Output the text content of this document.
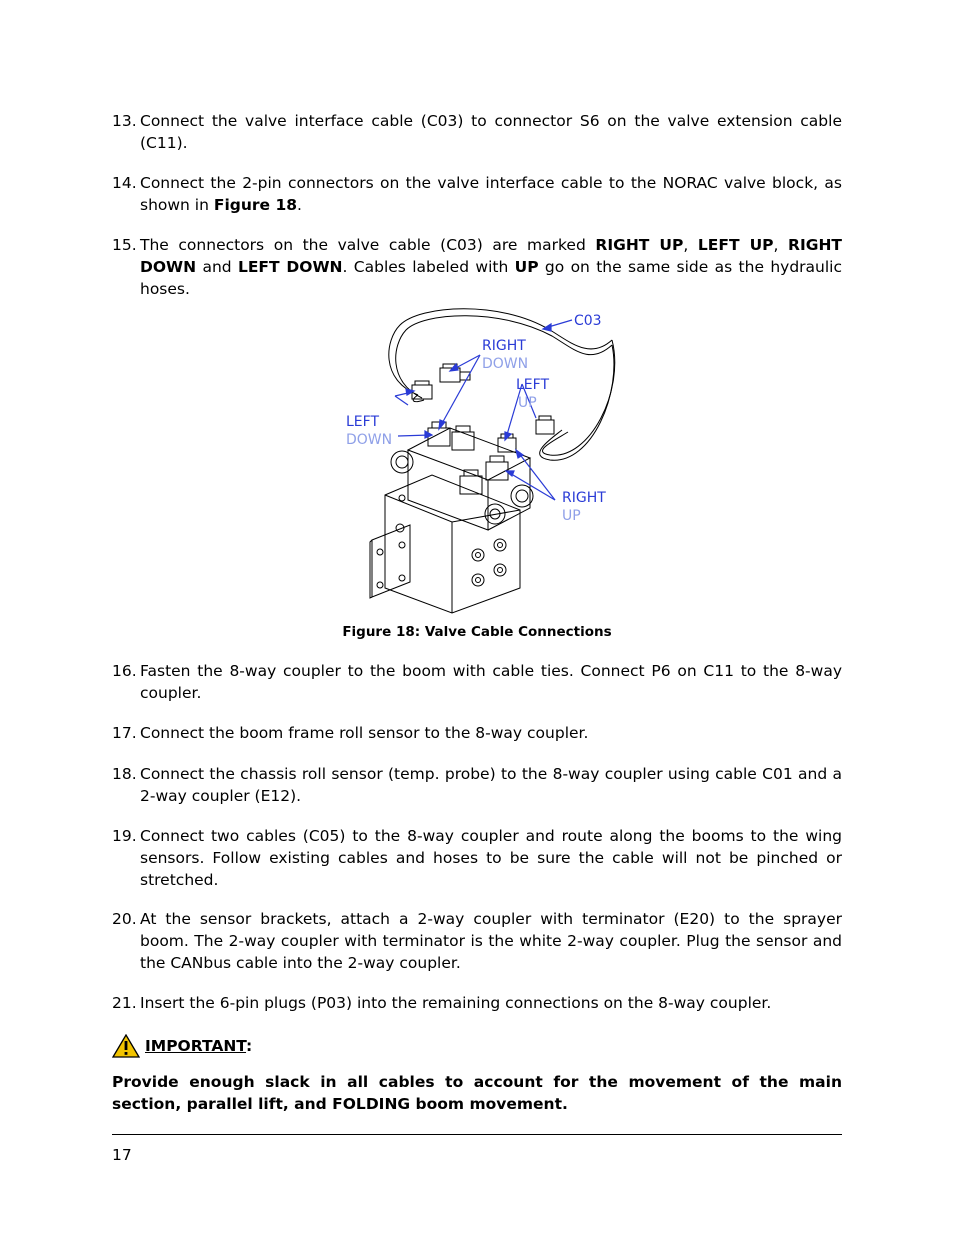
13. Connect the valve interface cable (C03) to connector S6 on the valve extension cable (C11).
14. Connect the 2-pin connectors on the valve interface cable to the NORAC valve block, as shown in Figure 18.
15. The connectors on the valve cable (C03) are marked RIGHT UP, LEFT UP, RIGHT DOWN and LEFT DOWN. Cables labeled with UP go on the same side as the hydraulic hoses.
C03
RIGHT
DOWN
LEFT
UP
LEFT
DOWN
RIGHT
UP
Figure 18: Valve Cable Connections
16. Fasten the 8-way coupler to the boom with cable ties. Connect P6 on C11 to the 8-way coupler.
17. Connect the boom frame roll sensor to the 8-way coupler.
18. Connect the chassis roll sensor (temp. probe) to the 8-way coupler using cable C01 and a 2-way coupler (E12).
19. Connect two cables (C05) to the 8-way coupler and route along the booms to the wing sensors. Follow existing cables and hoses to be sure the cable will not be pinched or stretched.
20. At the sensor brackets, attach a 2-way coupler with terminator (E20) to the sprayer boom. The 2-way coupler with terminator is the white 2-way coupler. Plug the sensor and the CANbus cable into the 2-way coupler.
21. Insert the 6-pin plugs (P03) into the remaining connections on the 8-way coupler.
IMPORTANT:
Provide enough slack in all cables to account for the movement of the main section, parallel lift, and FOLDING boom movement.
17
